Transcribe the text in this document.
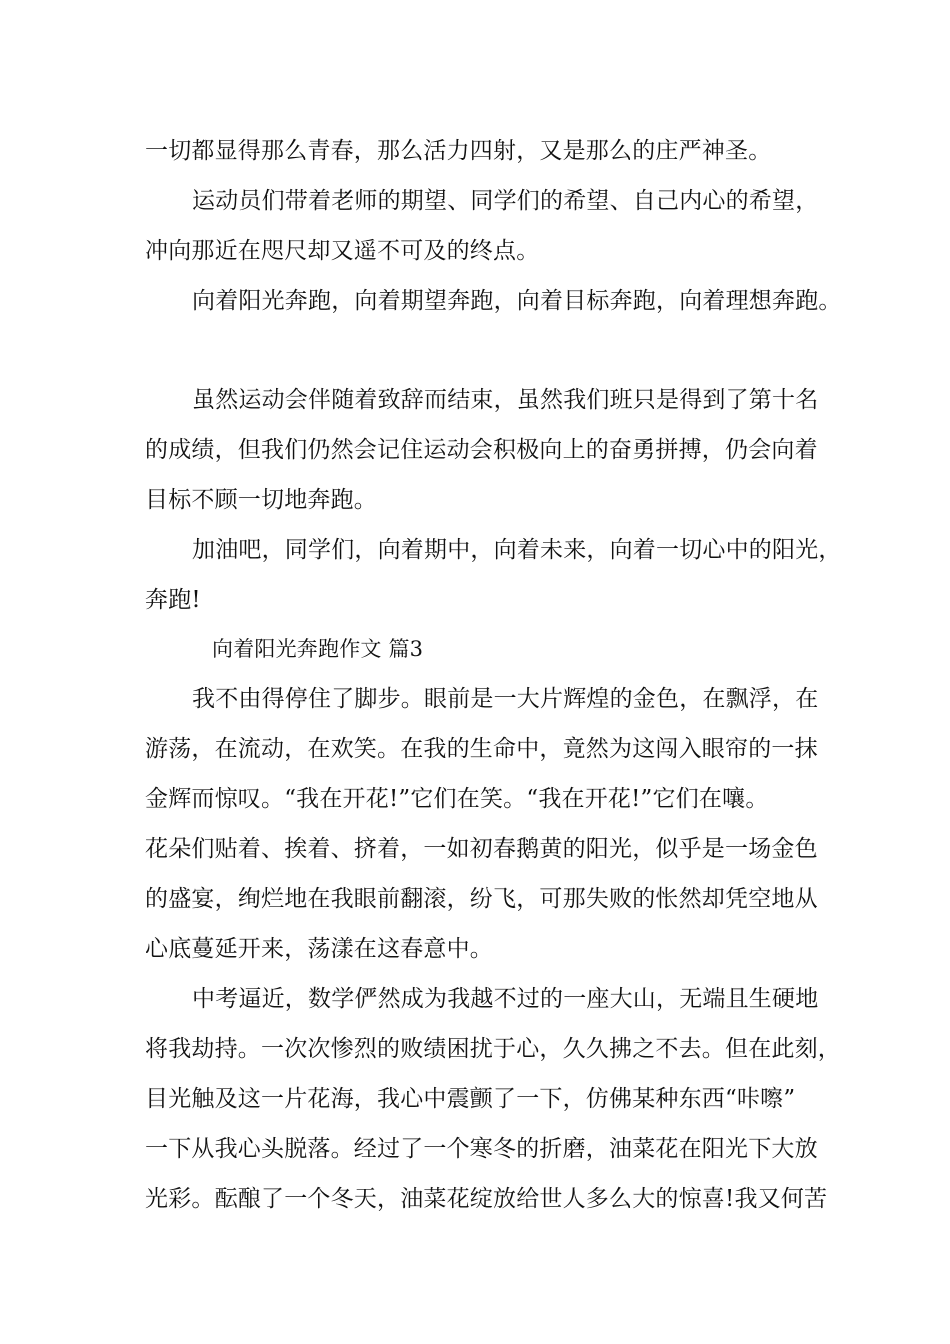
一切都显得那么青春，那么活力四射，又是那么的庄严神圣。
运动员们带着老师的期望、同学们的希望、自己内心的希望，
冲向那近在咫尺却又遥不可及的终点。
向着阳光奔跑，向着期望奔跑，向着目标奔跑，向着理想奔跑。
虽然运动会伴随着致辞而结束，虽然我们班只是得到了第十名
的成绩，但我们仍然会记住运动会积极向上的奋勇拼搏，仍会向着
目标不顾一切地奔跑。
加油吧，同学们，向着期中，向着未来，向着一切心中的阳光，
奔跑!
向着阳光奔跑作文 篇3
我不由得停住了脚步。眼前是一大片辉煌的金色，在飘浮，在
游荡，在流动，在欢笑。在我的生命中，竟然为这闯入眼帘的一抹
金辉而惊叹。“我在开花!”它们在笑。“我在开花!”它们在嚷。
花朵们贴着、挨着、挤着，一如初春鹅黄的阳光，似乎是一场金色
的盛宴，绚烂地在我眼前翻滚，纷飞，可那失败的怅然却凭空地从
心底蔓延开来，荡漾在这春意中。
中考逼近，数学俨然成为我越不过的一座大山，无端且生硬地
将我劫持。一次次惨烈的败绩困扰于心，久久拂之不去。但在此刻，
目光触及这一片花海，我心中震颤了一下，仿佛某种东西“咔嚓”
一下从我心头脱落。经过了一个寒冬的折磨，油菜花在阳光下大放
光彩。酝酿了一个冬天，油菜花绽放给世人多么大的惊喜!我又何苦
